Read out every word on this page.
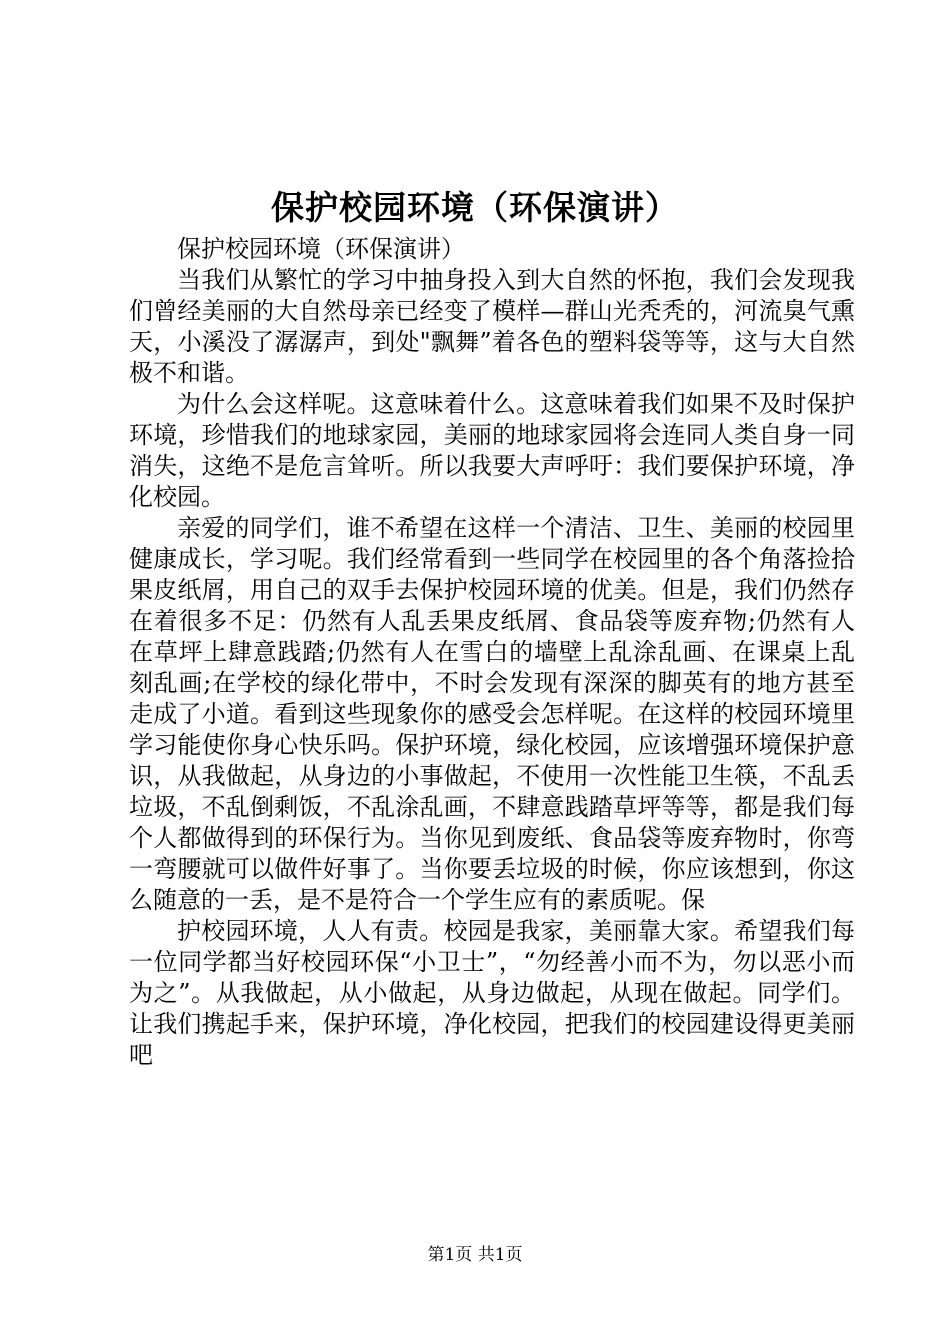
保护校园环境（环保演讲）

保护校园环境（环保演讲）

当我们从繁忙的学习中抽身投入到大自然的怀抱，我们会发现我们曾经美丽的大自然母亲已经变了模样—群山光秃秃的，河流臭气熏天，小溪没了潺潺声，到处"飘舞”着各色的塑料袋等等，这与大自然极不和谐。

为什么会这样呢。这意味着什么。这意味着我们如果不及时保护环境，珍惜我们的地球家园，美丽的地球家园将会连同人类自身一同消失，这绝不是危言耸听。所以我要大声呼吁：我们要保护环境，净化校园。

亲爱的同学们，谁不希望在这样一个清洁、卫生、美丽的校园里健康成长，学习呢。我们经常看到一些同学在校园里的各个角落捡拾果皮纸屑，用自己的双手去保护校园环境的优美。但是，我们仍然存在着很多不足：仍然有人乱丢果皮纸屑、食品袋等废弃物;仍然有人在草坪上肆意践踏;仍然有人在雪白的墙壁上乱涂乱画、在课桌上乱刻乱画;在学校的绿化带中，不时会发现有深深的脚英有的地方甚至走成了小道。看到这些现象你的感受会怎样呢。在这样的校园环境里学习能使你身心快乐吗。保护环境，绿化校园，应该增强环境保护意识，从我做起，从身边的小事做起，不使用一次性能卫生筷，不乱丢垃圾，不乱倒剩饭，不乱涂乱画，不肆意践踏草坪等等，都是我们每个人都做得到的环保行为。当你见到废纸、食品袋等废弃物时，你弯一弯腰就可以做件好事了。当你要丢垃圾的时候，你应该想到，你这么随意的一丢，是不是符合一个学生应有的素质呢。保

护校园环境，人人有责。校园是我家，美丽靠大家。希望我们每一位同学都当好校园环保“小卫士”，“勿经善小而不为，勿以恶小而为之”。从我做起，从小做起，从身边做起，从现在做起。同学们。让我们携起手来，保护环境，净化校园，把我们的校园建设得更美丽吧

第1页 共1页
